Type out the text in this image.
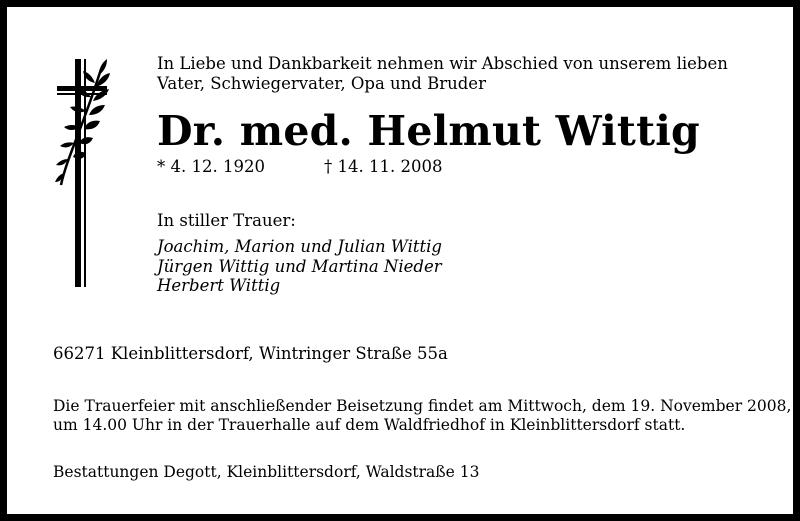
In Liebe und Dankbarkeit nehmen wir Abschied von unserem lieben
Vater, Schwiegervater, Opa und Bruder
Dr. med. Helmut Wittig
* 4. 12. 1920	† 14. 11. 2008
In stiller Trauer:
Joachim, Marion und Julian Wittig
Jürgen Wittig und Martina Nieder
Herbert Wittig
66271 Kleinblittersdorf, Wintringer Straße 55a
Die Trauerfeier mit anschließender Beisetzung findet am Mittwoch, dem 19. November 2008,
um 14.00 Uhr in der Trauerhalle auf dem Waldfriedhof in Kleinblittersdorf statt.
Bestattungen Degott, Kleinblittersdorf, Waldstraße 13
